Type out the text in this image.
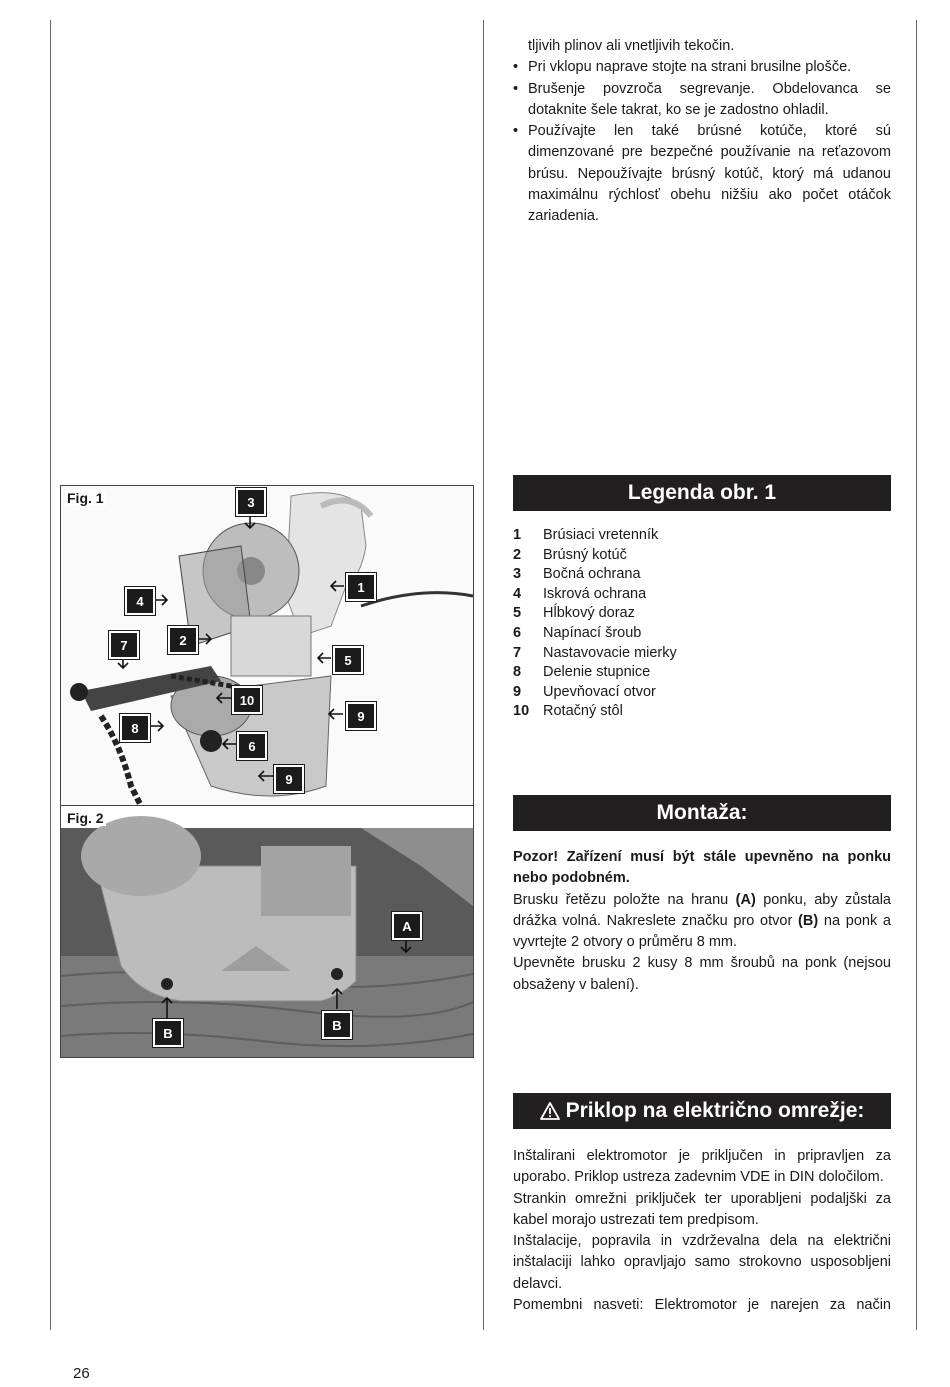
tljivih plinov ali vnetljivih tekočin.
• Pri vklopu naprave stojte na strani brusilne plošče.
• Brušenje povzroča segrevanje. Obdelovanca se dotaknite šele takrat, ko se je zadostno ohladil.
• Používajte len také brúsné kotúče, ktoré sú dimenzované pre bezpečné používanie na reťazovom brúsu. Nepoužívajte brúsný kotúč, ktorý má udanou maximálnu rýchlosť obehu nižšiu ako počet otáčok zariadenia.
Fig. 1	3
4
1
7	2
5
10
8
9
6
9
Fig. 2
A
B
B
Legenda obr. 1
1	Brúsiaci vretenník
2	Brúsný kotúč
3	Bočná ochrana
4	Iskrová ochrana
5	Hĺbkový doraz
6	Napínací šroub
7	Nastavovacie mierky
8	Delenie stupnice
9	Upevňovací otvor
10 Rotačný stôl
Montaža:

Pozor! Zařízení musí být stále upevněno na ponku nebo podobném.

Brusku řetězu položte na hranu (A) ponku, aby zůstala drážka volná. Nakreslete značku pro otvor (B) na ponk a vyvrtejte 2 otvory o průměru 8 mm.

Upevněte brusku 2 kusy 8 mm šroubů na ponk (nejsou obsaženy v balení).

Priklop na električno omrežje:

Inštalirani elektromotor je priključen in pripravljen za uporabo. Priklop ustreza zadevnim VDE in DIN določilom.

Strankin omrežni priključek ter uporabljeni podaljški za kabel morajo ustrezati tem predpisom.

Inštalacije, popravila in vzdrževalna dela na električni inštalaciji lahko opravljajo samo strokovno usposobljeni delavci.

Pomembni nasveti: Elektromotor je narejen za način

26
